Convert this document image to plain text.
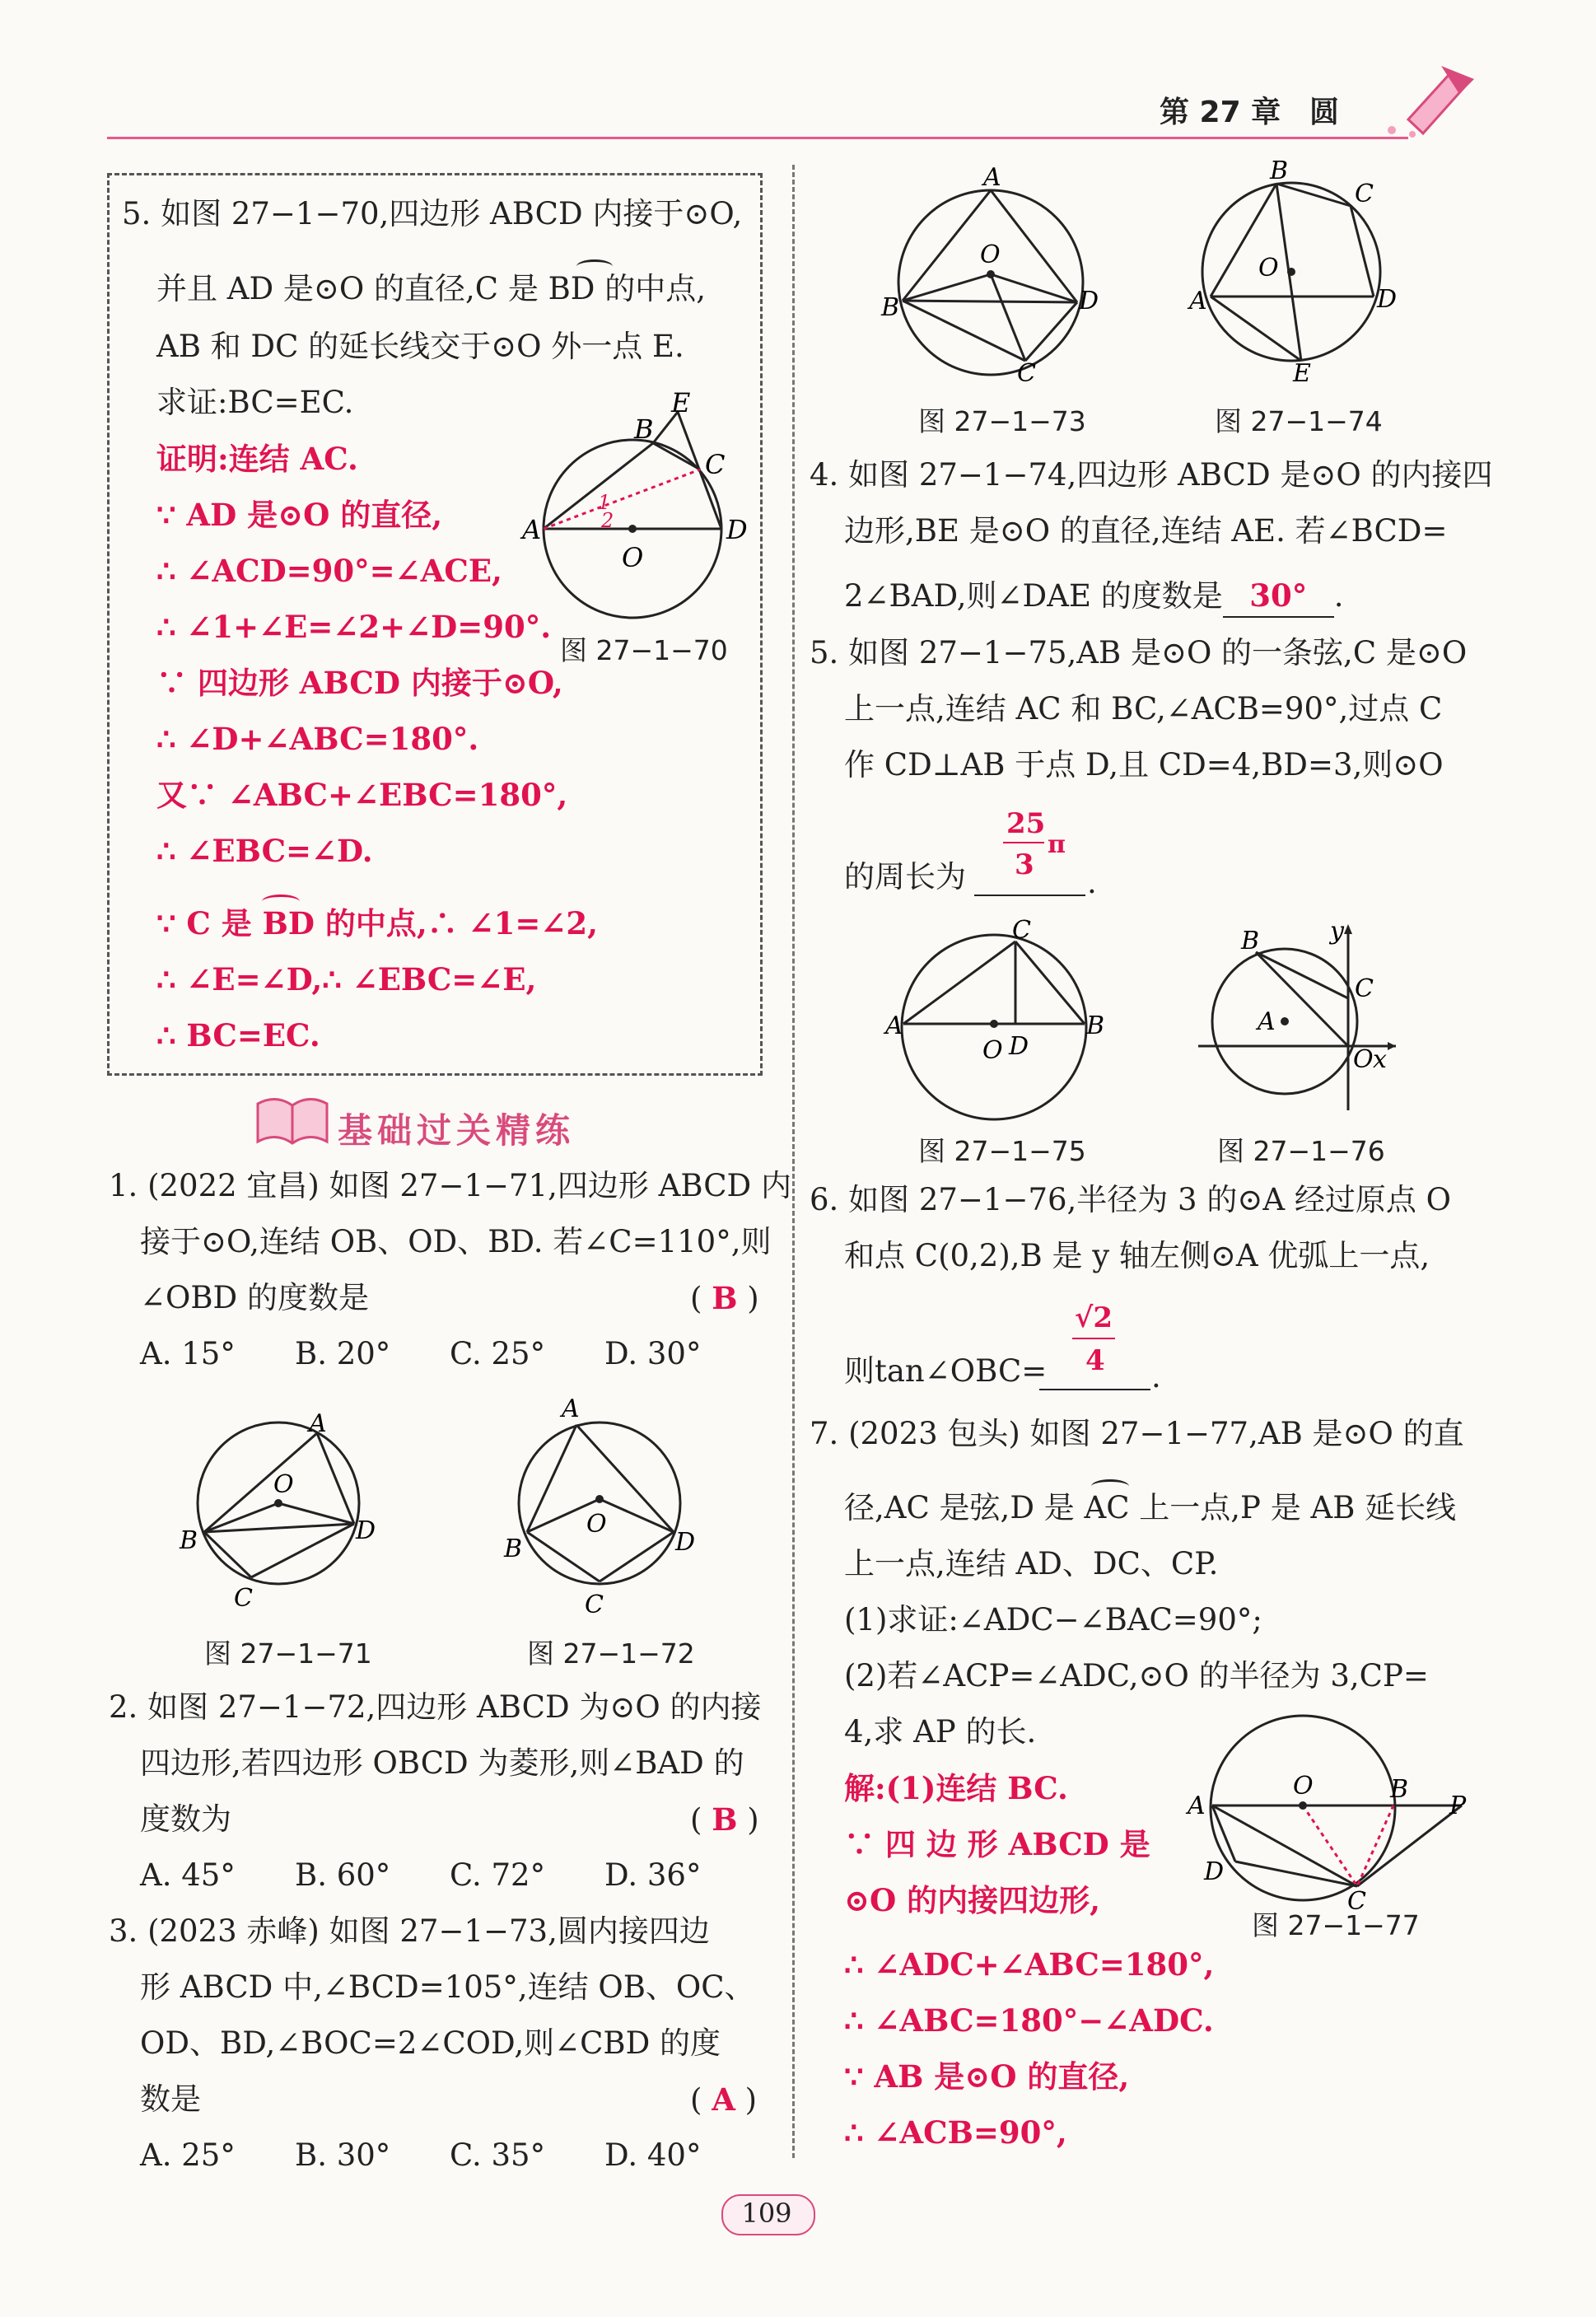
第 27 章 圆
5. 如图 27−1−70,四边形 ABCD 内接于⊙O,
并且 AD 是⊙O 的直径,C 是 BD 的中点,
AB 和 DC 的延长线交于⊙O 外一点 E.
求证:BC=EC.
证明:连结 AC.
∵ AD 是⊙O 的直径,
∴ ∠ACD=90°=∠ACE,
∴ ∠1+∠E=∠2+∠D=90°.
∵ 四边形 ABCD 内接于⊙O,
∴ ∠D+∠ABC=180°.
又∵ ∠ABC+∠EBC=180°,
∴ ∠EBC=∠D.
∵ C 是 BD 的中点,∴ ∠1=∠2,
∴ ∠E=∠D,∴ ∠EBC=∠E,
∴ BC=EC.
A
B
C
D
E
O
1
2
图 27−1−70
基础过关精练
1. (2022 宜昌) 如图 27−1−71,四边形 ABCD 内
接于⊙O,连结 OB、OD、BD. 若∠C=110°,则
∠OBD 的度数是	( B )
A. 15° B. 20° C. 25° D. 30°
A
B
C
D
O
图 27−1−71
A
B
C
D
O
图 27−1−72
2. 如图 27−1−72,四边形 ABCD 为⊙O 的内接
四边形,若四边形 OBCD 为菱形,则∠BAD 的
度数为	( B )
A. 45° B. 60° C. 72° D. 36°
3. (2023 赤峰) 如图 27−1−73,圆内接四边
形 ABCD 中,∠BCD=105°,连结 OB、OC、
OD、BD,∠BOC=2∠COD,则∠CBD 的度
数是	( A )
A. 25° B. 30° C. 35° D. 40°
A
B
C
D
O
图 27−1−73
B
C
A	D
E
O
图 27−1−74
4. 如图 27−1−74,四边形 ABCD 是⊙O 的内接四
边形,BE 是⊙O 的直径,连结 AE. 若∠BCD=
2∠BAD,则∠DAE 的度数是 30° .
5. 如图 27−1−75,AB 是⊙O 的一条弦,C 是⊙O
上一点,连结 AC 和 BC,∠ACB=90°,过点 C
作 CD⊥AB 于点 D,且 CD=4,BD=3,则⊙O
的周长为	.
25
3
π
A	B
C
O D
图 27−1−75
B
C
A
O x
y
图 27−1−76
6. 如图 27−1−76,半径为 3 的⊙A 经过原点 O
和点 C(0,2),B 是 y 轴左侧⊙A 优弧上一点,
则tan∠OBC=	.
√2
4
7. (2023 包头) 如图 27−1−77,AB 是⊙O 的直
径,AC 是弦,D 是 AC 上一点,P 是 AB 延长线
上一点,连结 AD、DC、CP.
(1)求证:∠ADC−∠BAC=90°;
(2)若∠ACP=∠ADC,⊙O 的半径为 3,CP=
4,求 AP 的长.
解:(1)连结 BC.
∵ 四 边 形 ABCD 是
⊙O 的内接四边形,
∴ ∠ADC+∠ABC=180°,
∴ ∠ABC=180°−∠ADC.
∵ AB 是⊙O 的直径,
∴ ∠ACB=90°,
A
O	B
P
D
C
图 27−1−77
109
